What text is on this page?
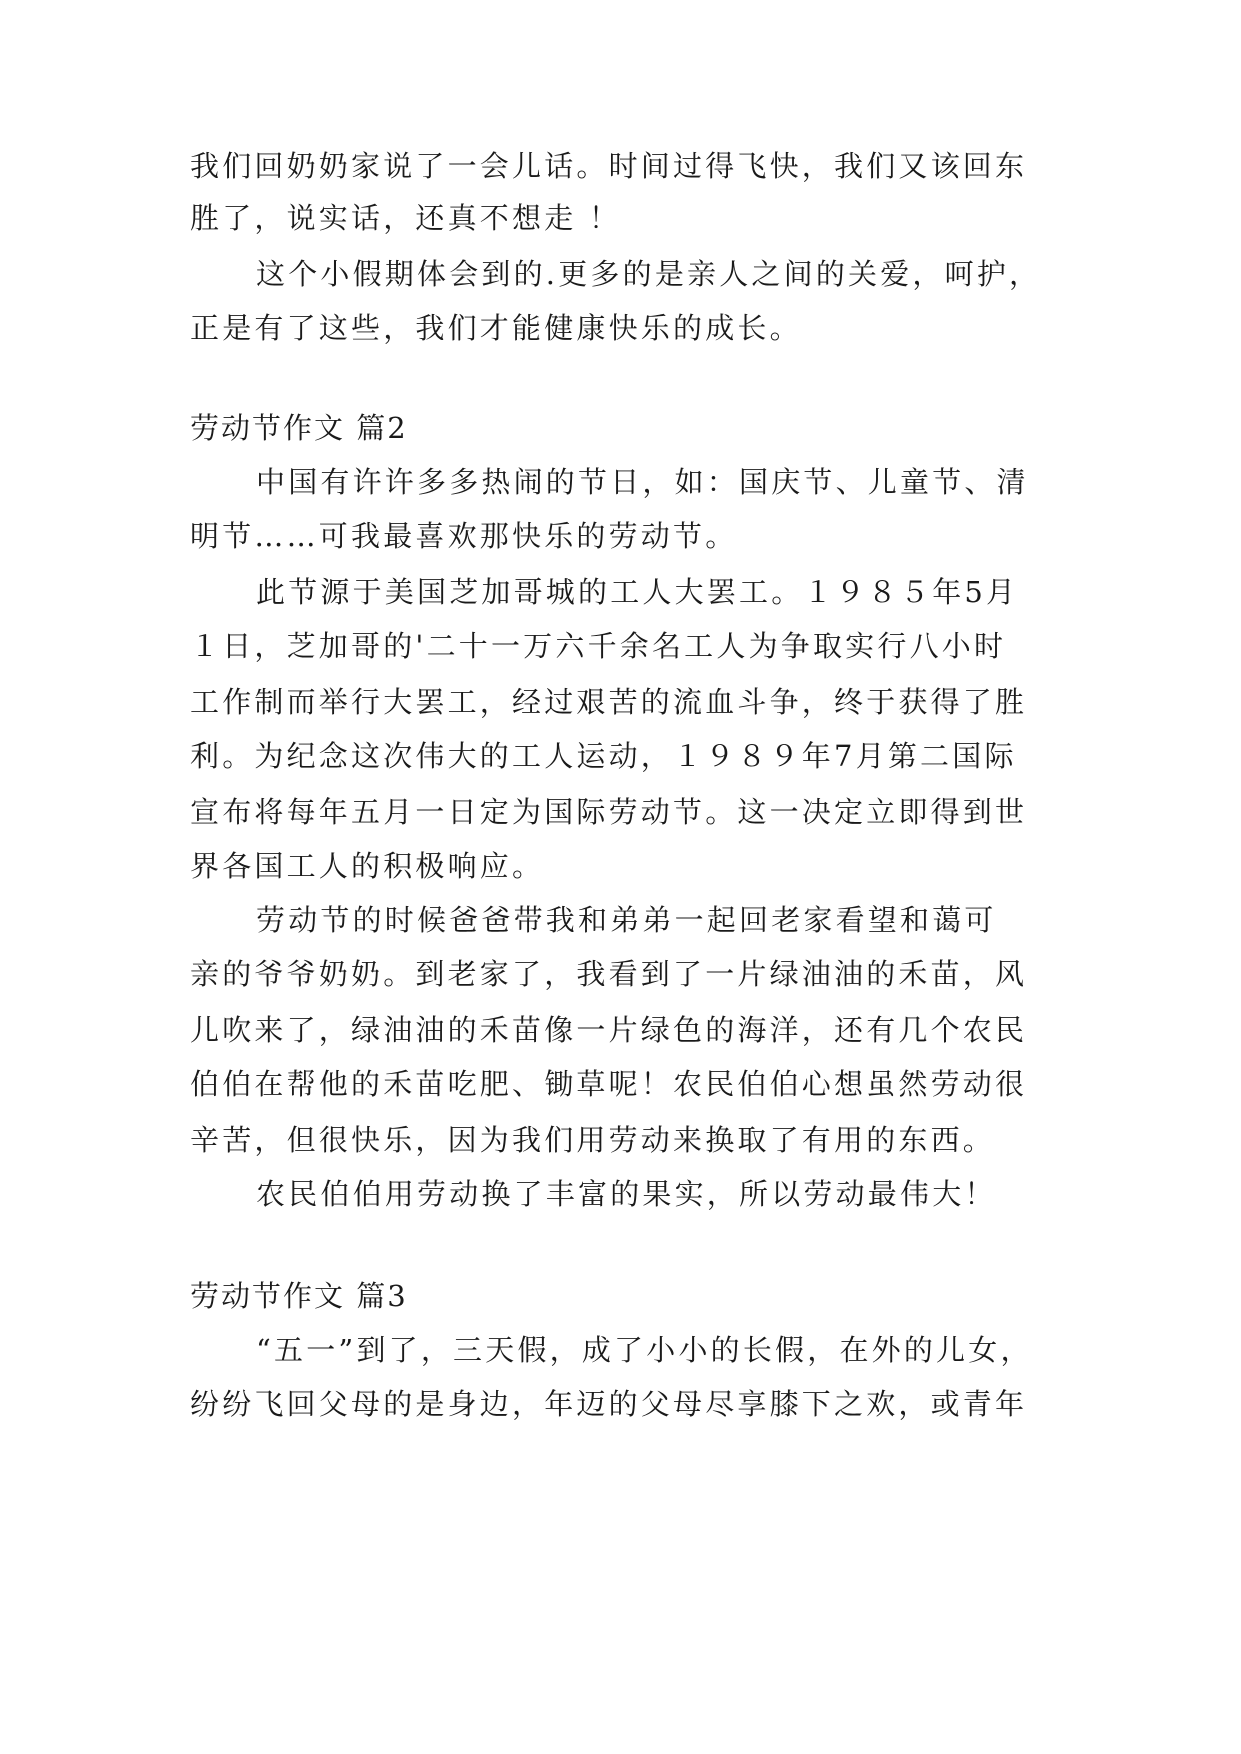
我们回奶奶家说了一会儿话。时间过得飞快，我们又该回东

胜了，说实话，还真不想走 ！

这个小假期体会到的.更多的是亲人之间的关爱，呵护，

正是有了这些，我们才能健康快乐的成长。

劳动节作文 篇2

中国有许许多多热闹的节日，如：国庆节、儿童节、清

明节……可我最喜欢那快乐的劳动节。

此节源于美国芝加哥城的工人大罢工。１９８５年5月

１日，芝加哥的'二十一万六千余名工人为争取实行八小时

工作制而举行大罢工，经过艰苦的流血斗争，终于获得了胜

利。为纪念这次伟大的工人运动，１９８９年7月第二国际

宣布将每年五月一日定为国际劳动节。这一决定立即得到世

界各国工人的积极响应。

劳动节的时候爸爸带我和弟弟一起回老家看望和蔼可

亲的爷爷奶奶。到老家了，我看到了一片绿油油的禾苗，风

儿吹来了，绿油油的禾苗像一片绿色的海洋，还有几个农民

伯伯在帮他的禾苗吃肥、锄草呢！农民伯伯心想虽然劳动很

辛苦，但很快乐，因为我们用劳动来换取了有用的东西。

农民伯伯用劳动换了丰富的果实，所以劳动最伟大！

劳动节作文 篇3

“五一”到了，三天假，成了小小的长假，在外的儿女，

纷纷飞回父母的是身边，年迈的父母尽享膝下之欢，或青年
